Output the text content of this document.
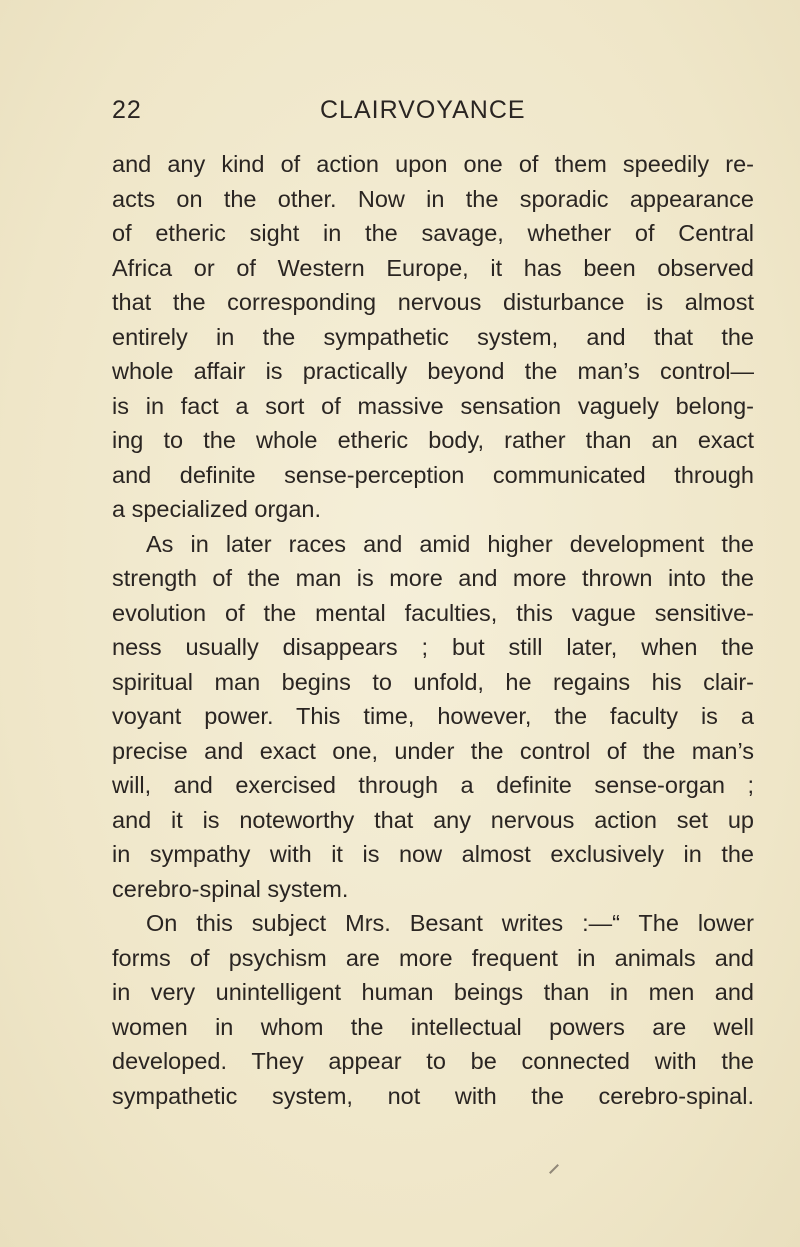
22	CLAIRVOYANCE
and any kind of action upon one of them speedily re-
acts on the other. Now in the sporadic appearance
of etheric sight in the savage, whether of Central
Africa or of Western Europe, it has been observed
that the corresponding nervous disturbance is almost
entirely in the sympathetic system, and that the
whole affair is practically beyond the man’s control—
is in fact a sort of massive sensation vaguely belong-
ing to the whole etheric body, rather than an exact
and definite sense-perception communicated through
a specialized organ.
As in later races and amid higher development the
strength of the man is more and more thrown into the
evolution of the mental faculties, this vague sensitive-
ness usually disappears ; but still later, when the
spiritual man begins to unfold, he regains his clair-
voyant power. This time, however, the faculty is a
precise and exact one, under the control of the man’s
will, and exercised through a definite sense-organ ;
and it is noteworthy that any nervous action set up
in sympathy with it is now almost exclusively in the
cerebro-spinal system.
On this subject Mrs. Besant writes :—“ The lower
forms of psychism are more frequent in animals and
in very unintelligent human beings than in men and
women in whom the intellectual powers are well
developed. They appear to be connected with the
sympathetic system, not with the cerebro-spinal.
